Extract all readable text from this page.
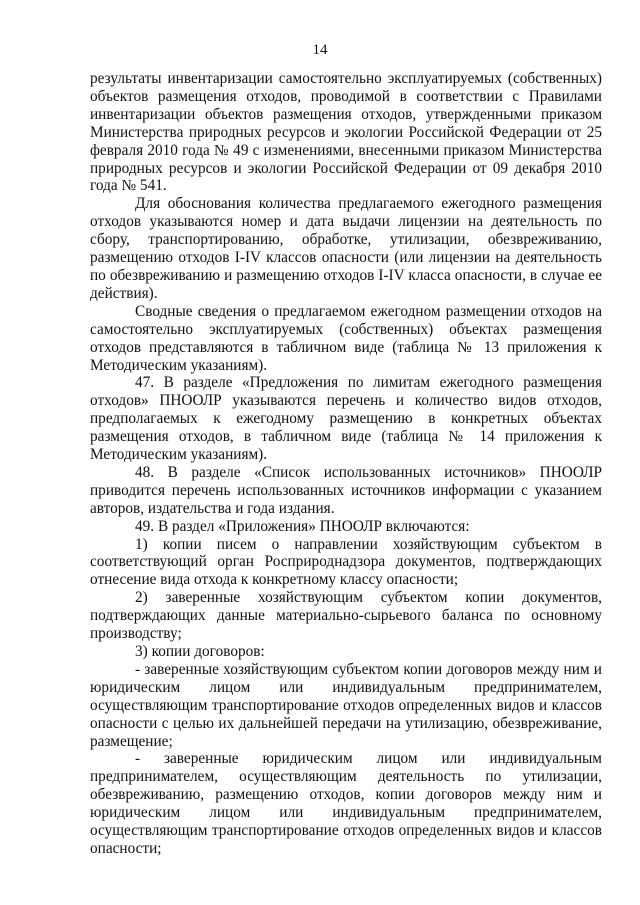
14

результаты инвентаризации самостоятельно эксплуатируемых (собственных) объектов размещения отходов, проводимой в соответствии с Правилами инвентаризации объектов размещения отходов, утвержденными приказом Министерства природных ресурсов и экологии Российской Федерации от 25 февраля 2010 года № 49 с изменениями, внесенными приказом Министерства природных ресурсов и экологии Российской Федерации от 09 декабря 2010 года № 541.

Для обоснования количества предлагаемого ежегодного размещения отходов указываются номер и дата выдачи лицензии на деятельность по сбору, транспортированию, обработке, утилизации, обезвреживанию, размещению отходов I-IV классов опасности (или лицензии на деятельность по обезвреживанию и размещению отходов I-IV класса опасности, в случае ее действия).

Сводные сведения о предлагаемом ежегодном размещении отходов на самостоятельно эксплуатируемых (собственных) объектах размещения отходов представляются в табличном виде (таблица № 13 приложения к Методическим указаниям).

47. В разделе «Предложения по лимитам ежегодного размещения отходов» ПНООЛР указываются перечень и количество видов отходов, предполагаемых к ежегодному размещению в конкретных объектах размещения отходов, в табличном виде (таблица № 14 приложения к Методическим указаниям).

48. В разделе «Список использованных источников» ПНООЛР приводится перечень использованных источников информации с указанием авторов, издательства и года издания.

49. В раздел «Приложения» ПНООЛР включаются:

1) копии писем о направлении хозяйствующим субъектом в соответствующий орган Росприроднадзора документов, подтверждающих отнесение вида отхода к конкретному классу опасности;

2) заверенные хозяйствующим субъектом копии документов, подтверждающих данные материально-сырьевого баланса по основному производству;

3) копии договоров:

- заверенные хозяйствующим субъектом копии договоров между ним и юридическим лицом или индивидуальным предпринимателем, осуществляющим транспортирование отходов определенных видов и классов опасности с целью их дальнейшей передачи на утилизацию, обезвреживание, размещение;

- заверенные юридическим лицом или индивидуальным предпринимателем, осуществляющим деятельность по утилизации, обезвреживанию, размещению отходов, копии договоров между ним и юридическим лицом или индивидуальным предпринимателем, осуществляющим транспортирование отходов определенных видов и классов опасности;
